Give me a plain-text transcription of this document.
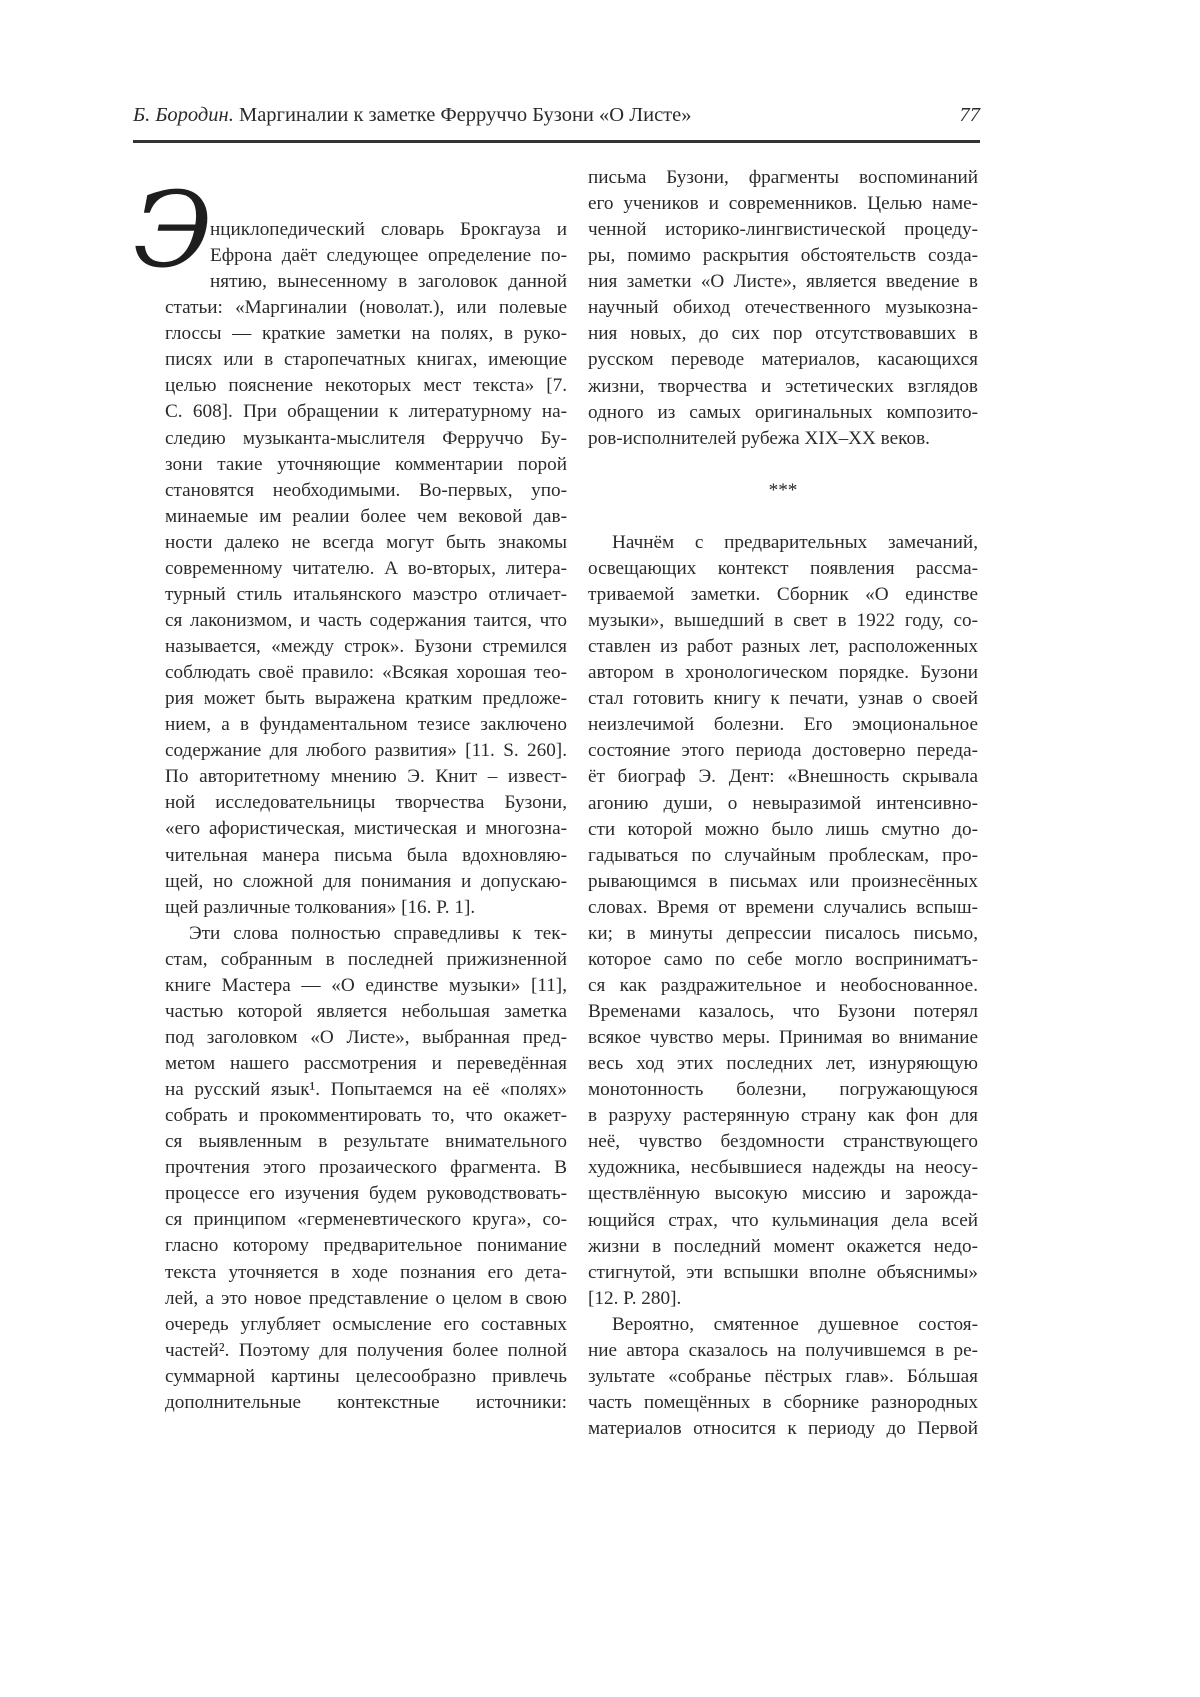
Б. Бородин. Маргиналии к заметке Ферруччо Бузони «О Листе»	77
Э
нциклопедический словарь Брокгауза и
Ефрона даёт следующее определение по-
нятию, вынесенному в заголовок данной
статьи: «Маргиналии (новолат.), или полевые
глоссы — краткие заметки на полях, в руко-
писях или в старопечатных книгах, имеющие
целью пояснение некоторых мест текста» [7.
С. 608]. При обращении к литературному на-
следию музыканта-мыслителя Ферруччо Бу-
зони такие уточняющие комментарии порой
становятся необходимыми. Во-первых, упо-
минаемые им реалии более чем вековой дав-
ности далеко не всегда могут быть знакомы
современному читателю. А во-вторых, литера-
турный стиль итальянского маэстро отличает-
ся лаконизмом, и часть содержания таится, что
называется, «между строк». Бузони стремился
соблюдать своё правило: «Всякая хорошая тео-
рия может быть выражена кратким предложе-
нием, а в фундаментальном тезисе заключено
содержание для любого развития» [11. S. 260].
По авторитетному мнению Э. Книт – извест-
ной исследовательницы творчества Бузони,
«его афористическая, мистическая и многозна-
чительная манера письма была вдохновляю-
щей, но сложной для понимания и допускаю-
щей различные толкования» [16. P. 1].
Эти слова полностью справедливы к тек-
стам, собранным в последней прижизненной
книге Мастера — «О единстве музыки» [11],
частью которой является небольшая заметка
под заголовком «О Листе», выбранная пред-
метом нашего рассмотрения и переведённая
на русский язык¹. Попытаемся на её «полях»
собрать и прокомментировать то, что окажет-
ся выявленным в результате внимательного
прочтения этого прозаического фрагмента. В
процессе его изучения будем руководствовать-
ся принципом «герменевтического круга», со-
гласно которому предварительное понимание
текста уточняется в ходе познания его дета-
лей, а это новое представление о целом в свою
очередь углубляет осмысление его составных
частей². Поэтому для получения более полной
суммарной картины целесообразно привлечь
дополнительные контекстные источники:
письма Бузони, фрагменты воспоминаний
его учеников и современников. Целью наме-
ченной историко-лингвистической процеду-
ры, помимо раскрытия обстоятельств созда-
ния заметки «О Листе», является введение в
научный обиход отечественного музыкозна-
ния новых, до сих пор отсутствовавших в
русском переводе материалов, касающихся
жизни, творчества и эстетических взглядов
одного из самых оригинальных композито-
ров-исполнителей рубежа XIX–XX веков.

***

Начнём с предварительных замечаний,
освещающих контекст появления рассма-
триваемой заметки. Сборник «О единстве
музыки», вышедший в свет в 1922 году, со-
ставлен из работ разных лет, расположенных
автором в хронологическом порядке. Бузони
стал готовить книгу к печати, узнав о своей
неизлечимой болезни. Его эмоциональное
состояние этого периода достоверно переда-
ёт биограф Э. Дент: «Внешность скрывала
агонию души, о невыразимой интенсивно-
сти которой можно было лишь смутно до-
гадываться по случайным проблескам, про-
рывающимся в письмах или произнесённых
словах. Время от времени случались вспыш-
ки; в минуты депрессии писалось письмо,
которое само по себе могло восприниматъ-
ся как раздражительное и необоснованное.
Временами казалось, что Бузони потерял
всякое чувство меры. Принимая во внимание
весь ход этих последних лет, изнуряющую
монотонность болезни, погружающуюся
в разруху растерянную страну как фон для
неё, чувство бездомности странствующего
художника, несбывшиеся надежды на неосу-
ществлённую высокую миссию и зарожда-
ющийся страх, что кульминация дела всей
жизни в последний момент окажется недо-
стигнутой, эти вспышки вполне объяснимы»
[12. P. 280].
Вероятно, смятенное душевное состоя-
ние автора сказалось на получившемся в ре-
зультате «собранье пёстрых глав». Бóльшая
часть помещённых в сборнике разнородных
материалов относится к периоду до Первой
